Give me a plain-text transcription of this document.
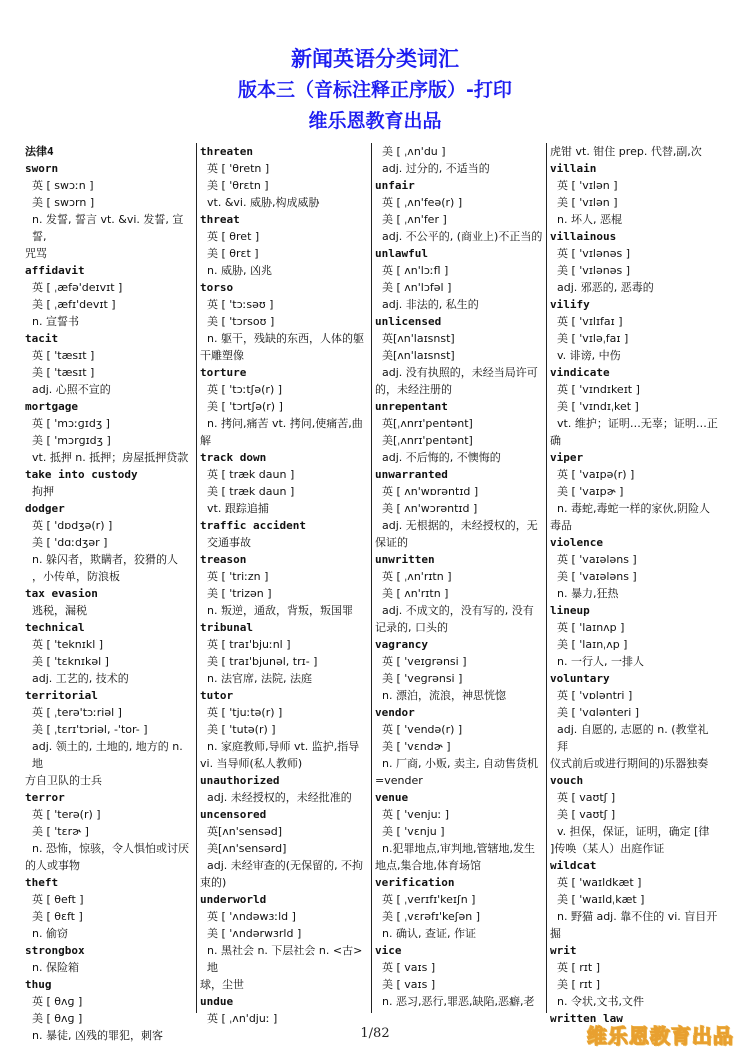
新闻英语分类词汇
版本三（音标注释正序版）-打印
维乐恩教育出品
法律4
sworn
英 [ swɔːn ]
美 [ swɔrn ]
n. 发誓, 誓言 vt. &vi. 发誓, 宣誓,
咒骂
affidavit
英 [ ˌæfə'deɪvɪt ]
美 [ ˌæfɪ'devɪt ]
n. 宣誓书
tacit
英 [ 'tæsɪt ]
美 [ 'tæsɪt ]
adj. 心照不宣的
mortgage
英 [ 'mɔːɡɪdʒ ]
美 [ 'mɔrɡɪdʒ ]
vt. 抵押 n. 抵押；房屋抵押贷款
take into custody
拘押
dodger
英 [ 'dɒdʒə(r) ]
美 [ 'dɑːdʒər ]
n. 躲闪者，欺瞒者，狡猾的人
，小传单，防浪板
tax evasion
逃税，漏税
technical
英 [ 'teknɪkl ]
美 [ 'tɛknɪkəl ]
adj. 工艺的, 技术的
territorial
英 [ ˌterə'tɔːriəl ]
美 [ ˌtɛrɪ'tɔriəl, -'tor- ]
adj. 领土的, 土地的, 地方的 n. 地
方自卫队的士兵
terror
英 [ 'terə(r) ]
美 [ 'tɛrɚ ]
n. 恐怖，惊骇，令人惧怕或讨厌
的人或事物
theft
英 [ θeft ]
美 [ θɛft ]
n. 偷窃
strongbox
n. 保险箱
thug
英 [ θʌɡ ]
美 [ θʌɡ ]
n. 暴徒, 凶残的罪犯，刺客
threaten
英 [ 'θretn ]
美 [ 'θrɛtn ]
vt. &vi. 威胁,构成威胁
threat
英 [ θret ]
美 [ θrɛt ]
n. 威胁, 凶兆
torso
英 [ 'tɔːsəʊ ]
美 [ 'tɔrsoʊ ]
n. 躯干，残缺的东西，人体的躯
干雕塑像
torture
英 [ 'tɔːtʃə(r) ]
美 [ 'tɔrtʃə(r) ]
n. 拷问,痛苦 vt. 拷问,使痛苦,曲
解
track down
英 [ træk daun ]
美 [ træk daun ]
vt. 跟踪追捕
traffic accident
交通事故
treason
英 [ 'triːzn ]
美 [ 'trizən ]
n. 叛逆，通敌，背叛，叛国罪
tribunal
英 [ traɪ'bjuːnl ]
美 [ traɪ'bjunəl, trɪ- ]
n. 法官席, 法院, 法庭
tutor
英 [ 'tjuːtə(r) ]
美 [ 'tutə(r) ]
n. 家庭教师,导师 vt. 监护,指导
vi. 当导师(私人教师)
unauthorized
adj. 未经授权的，未经批准的
uncensored
英[ʌn'sensəd]
美[ʌn'sensərd]
adj. 未经审查的(无保留的, 不拘
束的)
underworld
英 [ 'ʌndəwɜːld ]
美 [ 'ʌndərwɜrld ]
n. 黑社会 n. 下层社会 n. <古> 地
球，尘世
undue
英 [ ˌʌn'djuː ]
美 [ ˌʌn'du ]
adj. 过分的, 不适当的
unfair
英 [ ˌʌn'feə(r) ]
美 [ ˌʌn'fer ]
adj. 不公平的, (商业上)不正当的
unlawful
英 [ ʌn'lɔːfl ]
美 [ ʌn'lɔfəl ]
adj. 非法的, 私生的
unlicensed
英[ʌn'laɪsnst]
美[ʌn'laɪsnst]
adj. 没有执照的，未经当局许可
的，未经注册的
unrepentant
英[ˌʌnrɪ'pentənt]
美[ˌʌnrɪ'pentənt]
adj. 不后悔的, 不懊悔的
unwarranted
英 [ ʌn'wɒrəntɪd ]
美 [ ʌn'wɔrəntɪd ]
adj. 无根据的，未经授权的，无
保证的
unwritten
英 [ ˌʌn'rɪtn ]
美 [ ʌn'rɪtn ]
adj. 不成文的，没有写的, 没有
记录的, 口头的
vagrancy
英 [ 'veɪɡrənsi ]
美 [ 'veɡrənsi ]
n. 漂泊，流浪，神思恍惚
vendor
英 [ 'vendə(r) ]
美 [ 'vɛndɚ ]
n. 厂商, 小贩, 卖主, 自动售货机
=vender
venue
英 [ 'venjuː ]
美 [ 'vɛnju ]
n.犯罪地点,审判地,管辖地,发生
地点,集合地,体育场馆
verification
英 [ ˌverɪfɪ'keɪʃn ]
美 [ ˌvɛrəfɪ'keʃən ]
n. 确认, 查证, 作证
vice
英 [ vaɪs ]
美 [ vaɪs ]
n. 恶习,恶行,罪恶,缺陷,恶癖,老
虎钳 vt. 钳住 prep. 代替,副,次
villain
英 [ 'vɪlən ]
美 [ 'vɪlən ]
n. 坏人, 恶棍
villainous
英 [ 'vɪlənəs ]
美 [ 'vɪlənəs ]
adj. 邪恶的, 恶毒的
vilify
英 [ 'vɪlɪfaɪ ]
美 [ 'vɪləˌfaɪ ]
v. 诽谤, 中伤
vindicate
英 [ 'vɪndɪkeɪt ]
美 [ 'vɪndɪˌket ]
vt. 维护；证明…无辜；证明…正
确
viper
英 [ 'vaɪpə(r) ]
美 [ 'vaɪpɚ ]
n. 毒蛇,毒蛇一样的家伙,阴险人
毒品
violence
英 [ 'vaɪələns ]
美 [ 'vaɪələns ]
n. 暴力,狂热
lineup
英 [ 'laɪnʌp ]
美 [ 'laɪnˌʌp ]
n. 一行人, 一排人
voluntary
英 [ 'vɒləntri ]
美 [ 'vɑlənteri ]
adj. 自愿的, 志愿的 n. (教堂礼拜
仪式前后或进行期间的)乐器独奏
vouch
英 [ vaʊtʃ ]
美 [ vaʊtʃ ]
v. 担保，保证，证明，确定 [律
]传唤（某人）出庭作证
wildcat
英 [ 'waɪldkæt ]
美 [ 'waɪldˌkæt ]
n. 野猫 adj. 靠不住的 vi. 盲目开
掘
writ
英 [ rɪt ]
美 [ rɪt ]
n. 令状,文书,文件
written law
1/82	维乐恩教育出品
